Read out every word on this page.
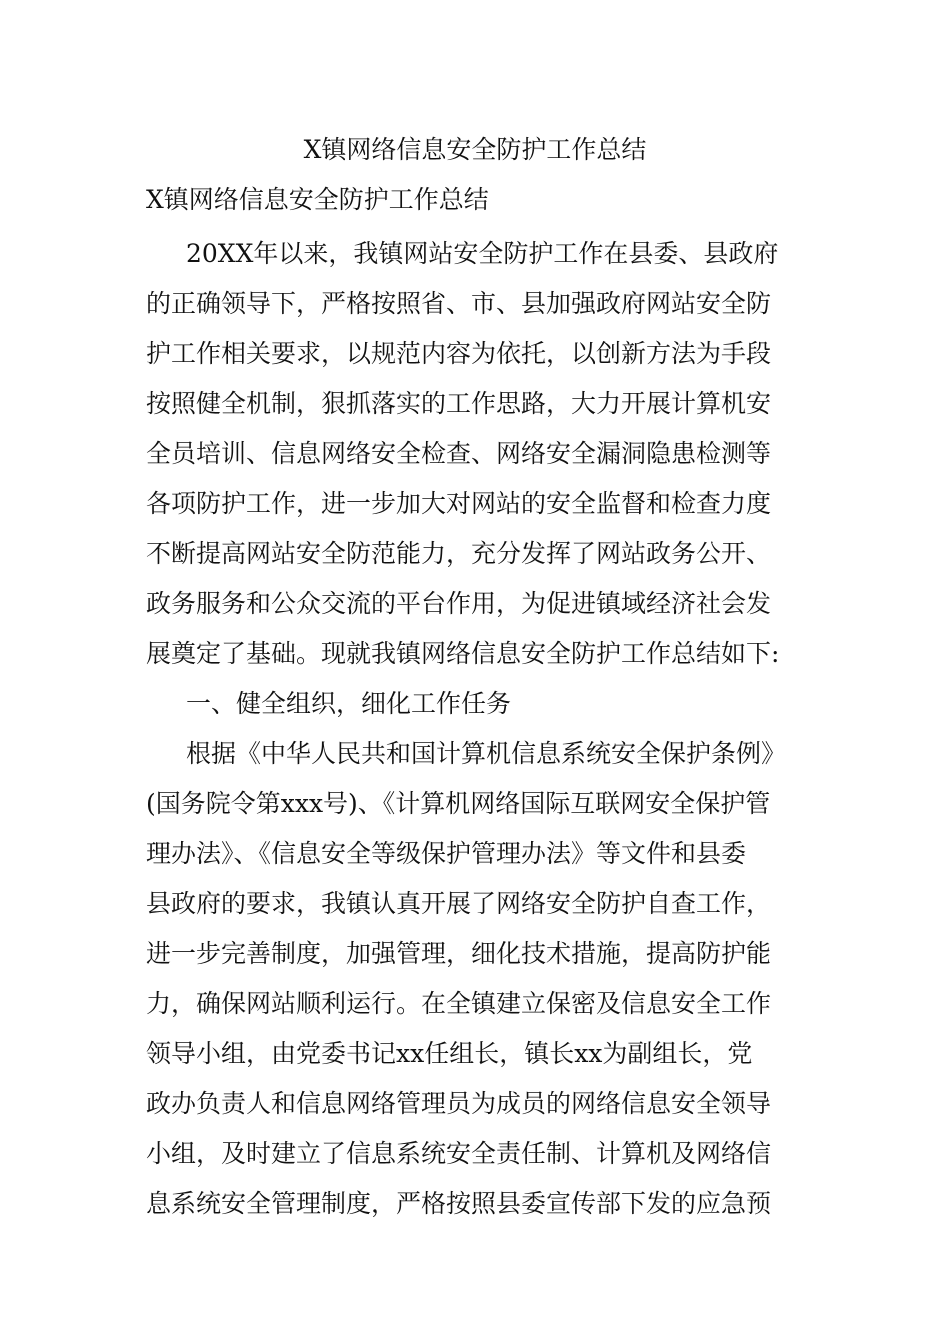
X镇网络信息安全防护工作总结

X镇网络信息安全防护工作总结

20XX年以来，我镇网站安全防护工作在县委、县政府

的正确领导下，严格按照省、市、县加强政府网站安全防

护工作相关要求，以规范内容为依托，以创新方法为手段

按照健全机制，狠抓落实的工作思路，大力开展计算机安

全员培训、信息网络安全检查、网络安全漏洞隐患检测等

各项防护工作，进一步加大对网站的安全监督和检查力度

不断提高网站安全防范能力，充分发挥了网站政务公开、

政务服务和公众交流的平台作用，为促进镇域经济社会发

展奠定了基础。现就我镇网络信息安全防护工作总结如下:

一、健全组织，细化工作任务

根据《中华人民共和国计算机信息系统安全保护条例》

(国务院令第xxx号)、《计算机网络国际互联网安全保护管

理办法》、《信息安全等级保护管理办法》等文件和县委

县政府的要求，我镇认真开展了网络安全防护自查工作，

进一步完善制度，加强管理，细化技术措施，提高防护能

力，确保网站顺利运行。在全镇建立保密及信息安全工作

领导小组，由党委书记xx任组长，镇长xx为副组长，党

政办负责人和信息网络管理员为成员的网络信息安全领导

小组，及时建立了信息系统安全责任制、计算机及网络信

息系统安全管理制度，严格按照县委宣传部下发的应急预
